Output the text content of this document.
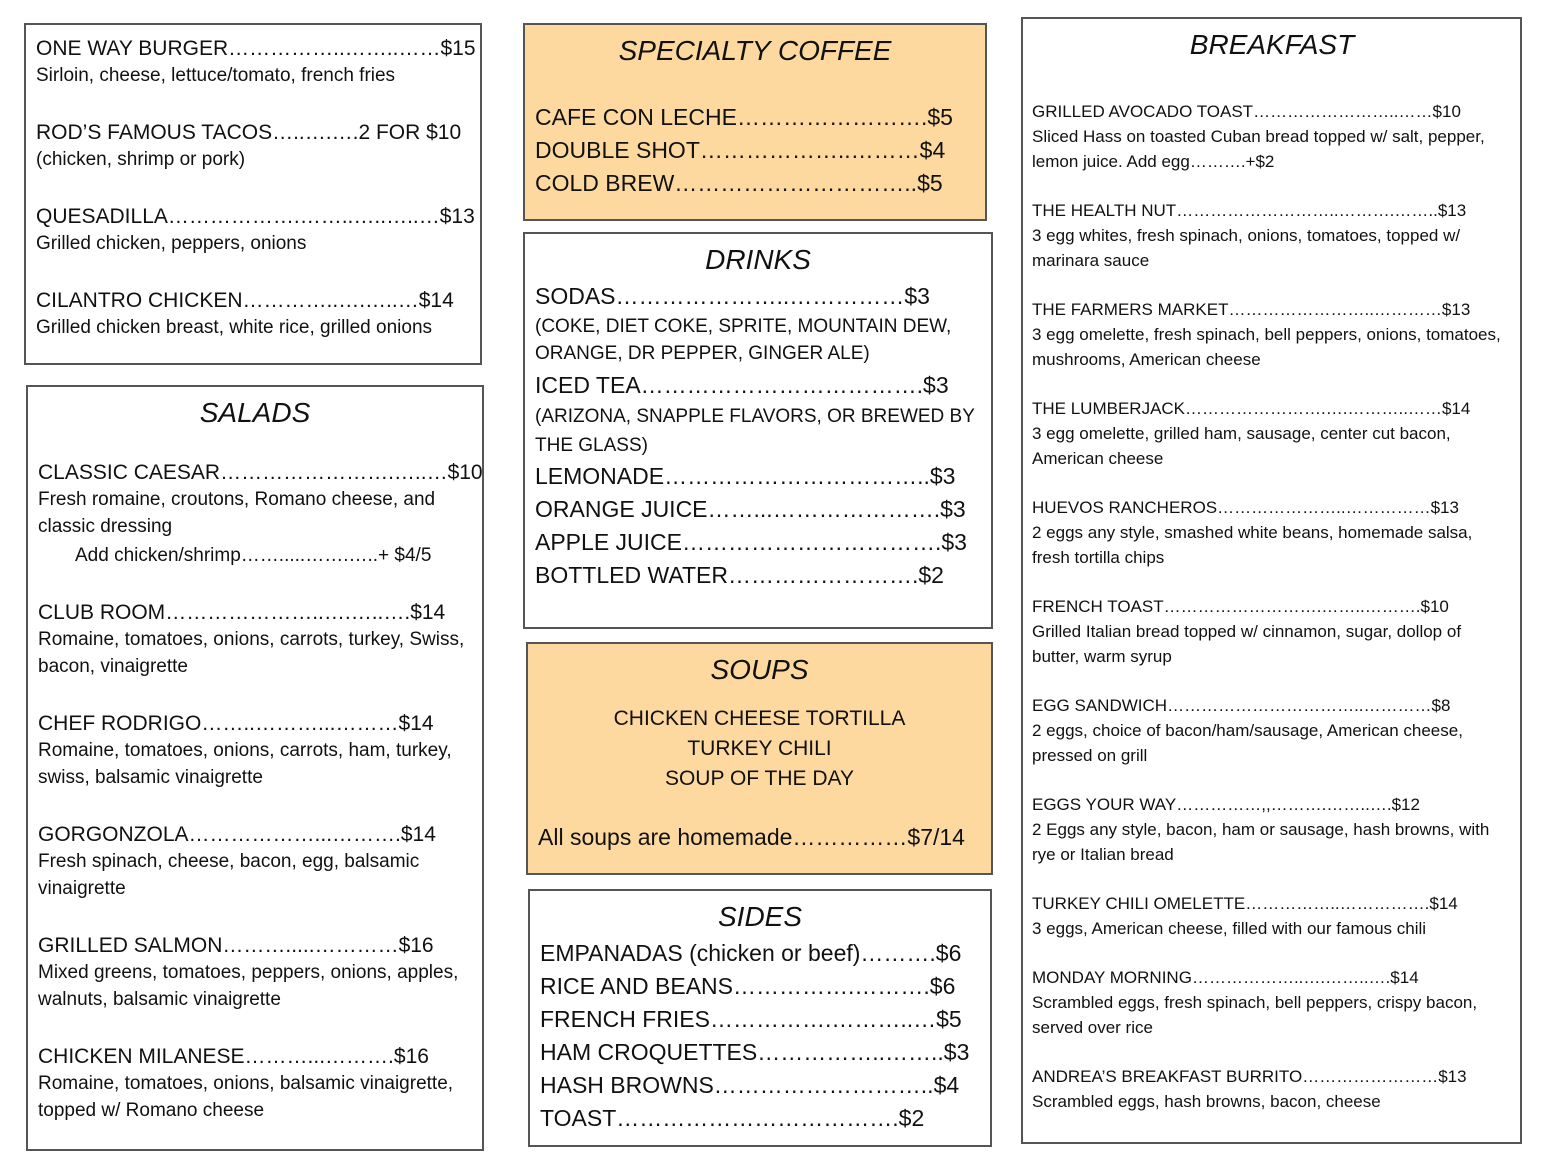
ONE WAY BURGER……………..……..……$15
Sirloin, cheese, lettuce/tomato, french fries
ROD’S FAMOUS TACOS…..….….2 FOR $10
(chicken, shrimp or pork)
QUESADILLA……………….……..…..…..…$13
Grilled chicken, peppers, onions
CILANTRO CHICKEN…………..….…..…$14
Grilled chicken breast, white rice, grilled onions
SALADS
CLASSIC CAESAR…………………….…..…$10
Fresh romaine, croutons, Romano cheese, and classic dressing
Add chicken/shrimp…….....…….…..+ $4/5
CLUB ROOM…………………..….…..….$14
Romaine, tomatoes, onions, carrots, turkey, Swiss, bacon, vinaigrette
CHEF RODRIGO……..………...………$14
Romaine, tomatoes, onions, carrots, ham, turkey, swiss, balsamic vinaigrette
GORGONZOLA………………...……….$14
Fresh spinach, cheese, bacon, egg, balsamic vinaigrette
GRILLED SALMON……….....…………$16
Mixed greens, tomatoes, peppers, onions, apples, walnuts, balsamic vinaigrette
CHICKEN MILANESE………...……….$16
Romaine, tomatoes, onions, balsamic vinaigrette, topped w/ Romano cheese
SPECIALTY COFFEE
CAFE CON LECHE…………………….$5
DOUBLE SHOT………………..………$4
COLD BREW…………………………..$5
DRINKS
SODAS…………………..……………$3
(COKE, DIET COKE, SPRITE, MOUNTAIN DEW, ORANGE, DR PEPPER, GINGER ALE)
ICED TEA……………………………….$3
(ARIZONA, SNAPPLE FLAVORS, OR BREWED BY THE GLASS)
LEMONADE……………………………..$3
ORANGE JUICE……...………………….$3
APPLE JUICE…………………………….$3
BOTTLED WATER…………………….$2
SOUPS
CHICKEN CHEESE TORTILLA
TURKEY CHILI
SOUP OF THE DAY
All soups are homemade……………$7/14
SIDES
EMPANADAS (chicken or beef)……….$6
RICE AND BEANS…………….……….$6
FRENCH FRIES…………….………..…$5
HAM CROQUETTES……………..……..$3
HASH BROWNS………………………..$4
TOAST……………………………….$2
BREAKFAST
GRILLED AVOCADO TOAST……………………..……$10
Sliced Hass on toasted Cuban bread topped w/ salt, pepper, lemon juice. Add egg……….+$2
THE HEALTH NUT………………………..……….……..$13
3 egg whites, fresh spinach, onions, tomatoes, topped w/ marinara sauce
THE FARMERS MARKET……………………..…………$13
3 egg omelette, fresh spinach, bell peppers, onions, tomatoes, mushrooms, American cheese
THE LUMBERJACK…………………….….………..……$14
3 egg omelette, grilled ham, sausage, center cut bacon, American cheese
HUEVOS RANCHEROS…………………..……………$13
2 eggs any style, smashed white beans, homemade salsa, fresh tortilla chips
FRENCH TOAST……………………….……..……….$10
Grilled Italian bread topped w/ cinnamon, sugar, dollop of butter, warm syrup
EGG SANDWICH……………………………..…………$8
2 eggs, choice of bacon/ham/sausage, American cheese, pressed on grill
EGGS YOUR WAY……………,,……….……..….$12
2 Eggs any style, bacon, ham or sausage, hash browns, with rye or Italian bread
TURKEY CHILI OMELETTE……………..…………….$14
3 eggs, American cheese, filled with our famous chili
MONDAY MORNING………………..….……..….$14
Scrambled eggs, fresh spinach, bell peppers, crispy bacon, served over rice
ANDREA’S BREAKFAST BURRITO……………………$13
Scrambled eggs, hash browns, bacon, cheese
